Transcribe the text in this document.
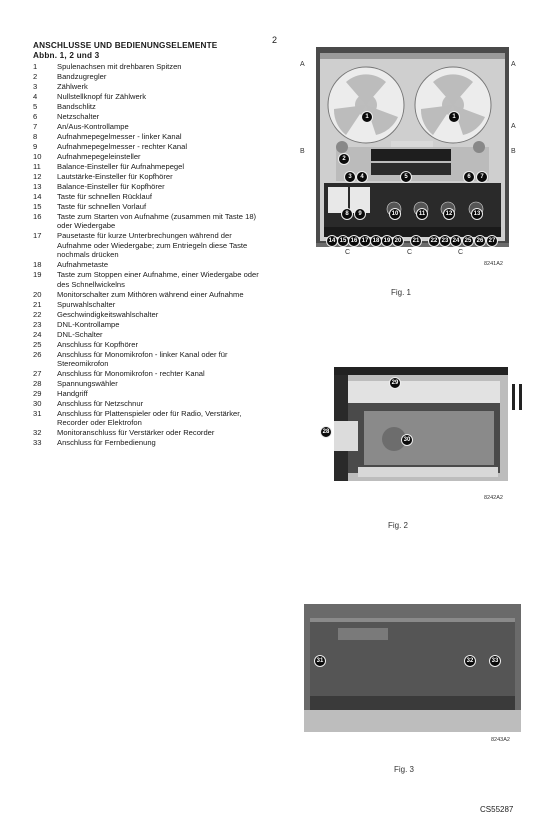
2
ANSCHLUSSE UND BEDIENUNGSELEMENTE
Abbn. 1, 2 und 3
1	Spulenachsen mit drehbaren Spitzen
2	Bandzugregler
3	Zählwerk
4	Nullstellknopf für Zählwerk
5	Bandschlitz
6	Netzschalter
7	An/Aus-Kontrollampe
8	Aufnahmepegelmesser - linker Kanal
9	Aufnahmepegelmesser - rechter Kanal
10	Aufnahmepegeleinsteller
11	Balance-Einsteller für Aufnahmepegel
12	Lautstärke-Einsteller für Kopfhörer
13	Balance-Einsteller für Kopfhörer
14	Taste für schnellen Rücklauf
15	Taste für schnellen Vorlauf
16	Taste zum Starten von Aufnahme (zusammen mit Taste 18) oder Wiedergabe
17	Pausetaste für kurze Unterbrechungen während der Aufnahme oder Wiedergabe; zum Entriegeln diese Taste nochmals drücken
18	Aufnahmetaste
19	Taste zum Stoppen einer Aufnahme, einer Wiedergabe oder des Schnellwickelns
20	Monitorschalter zum Mithören während einer Aufnahme
21	Spurwahlschalter
22	Geschwindigkeitswahlschalter
23	DNL-Kontrollampe
24	DNL-Schalter
25	Anschluss für Kopfhörer
26	Anschluss für Monomikrofon - linker Kanal oder für Stereomikrofon
27	Anschluss für Monomikrofon - rechter Kanal
28	Spannungswähler
29	Handgriff
30	Anschluss für Netzschnur
31	Anschluss für Plattenspieler oder für Radio, Verstärker, Recorder oder Elektrofon
32	Monitoranschluss für Verstärker oder Recorder
33	Anschluss für Fernbedienung
1	1
2
3	4	5	6	7
8	9	10	11	12	13
14 15 16 17 18 19 20	21	22 23 24 25 26 27
A	A
A
B	B
C	C	C
8241A2
Fig. 1
28
29
30
8242A2
Fig. 2
31	32	33
8243A2
Fig. 3
CS55287
